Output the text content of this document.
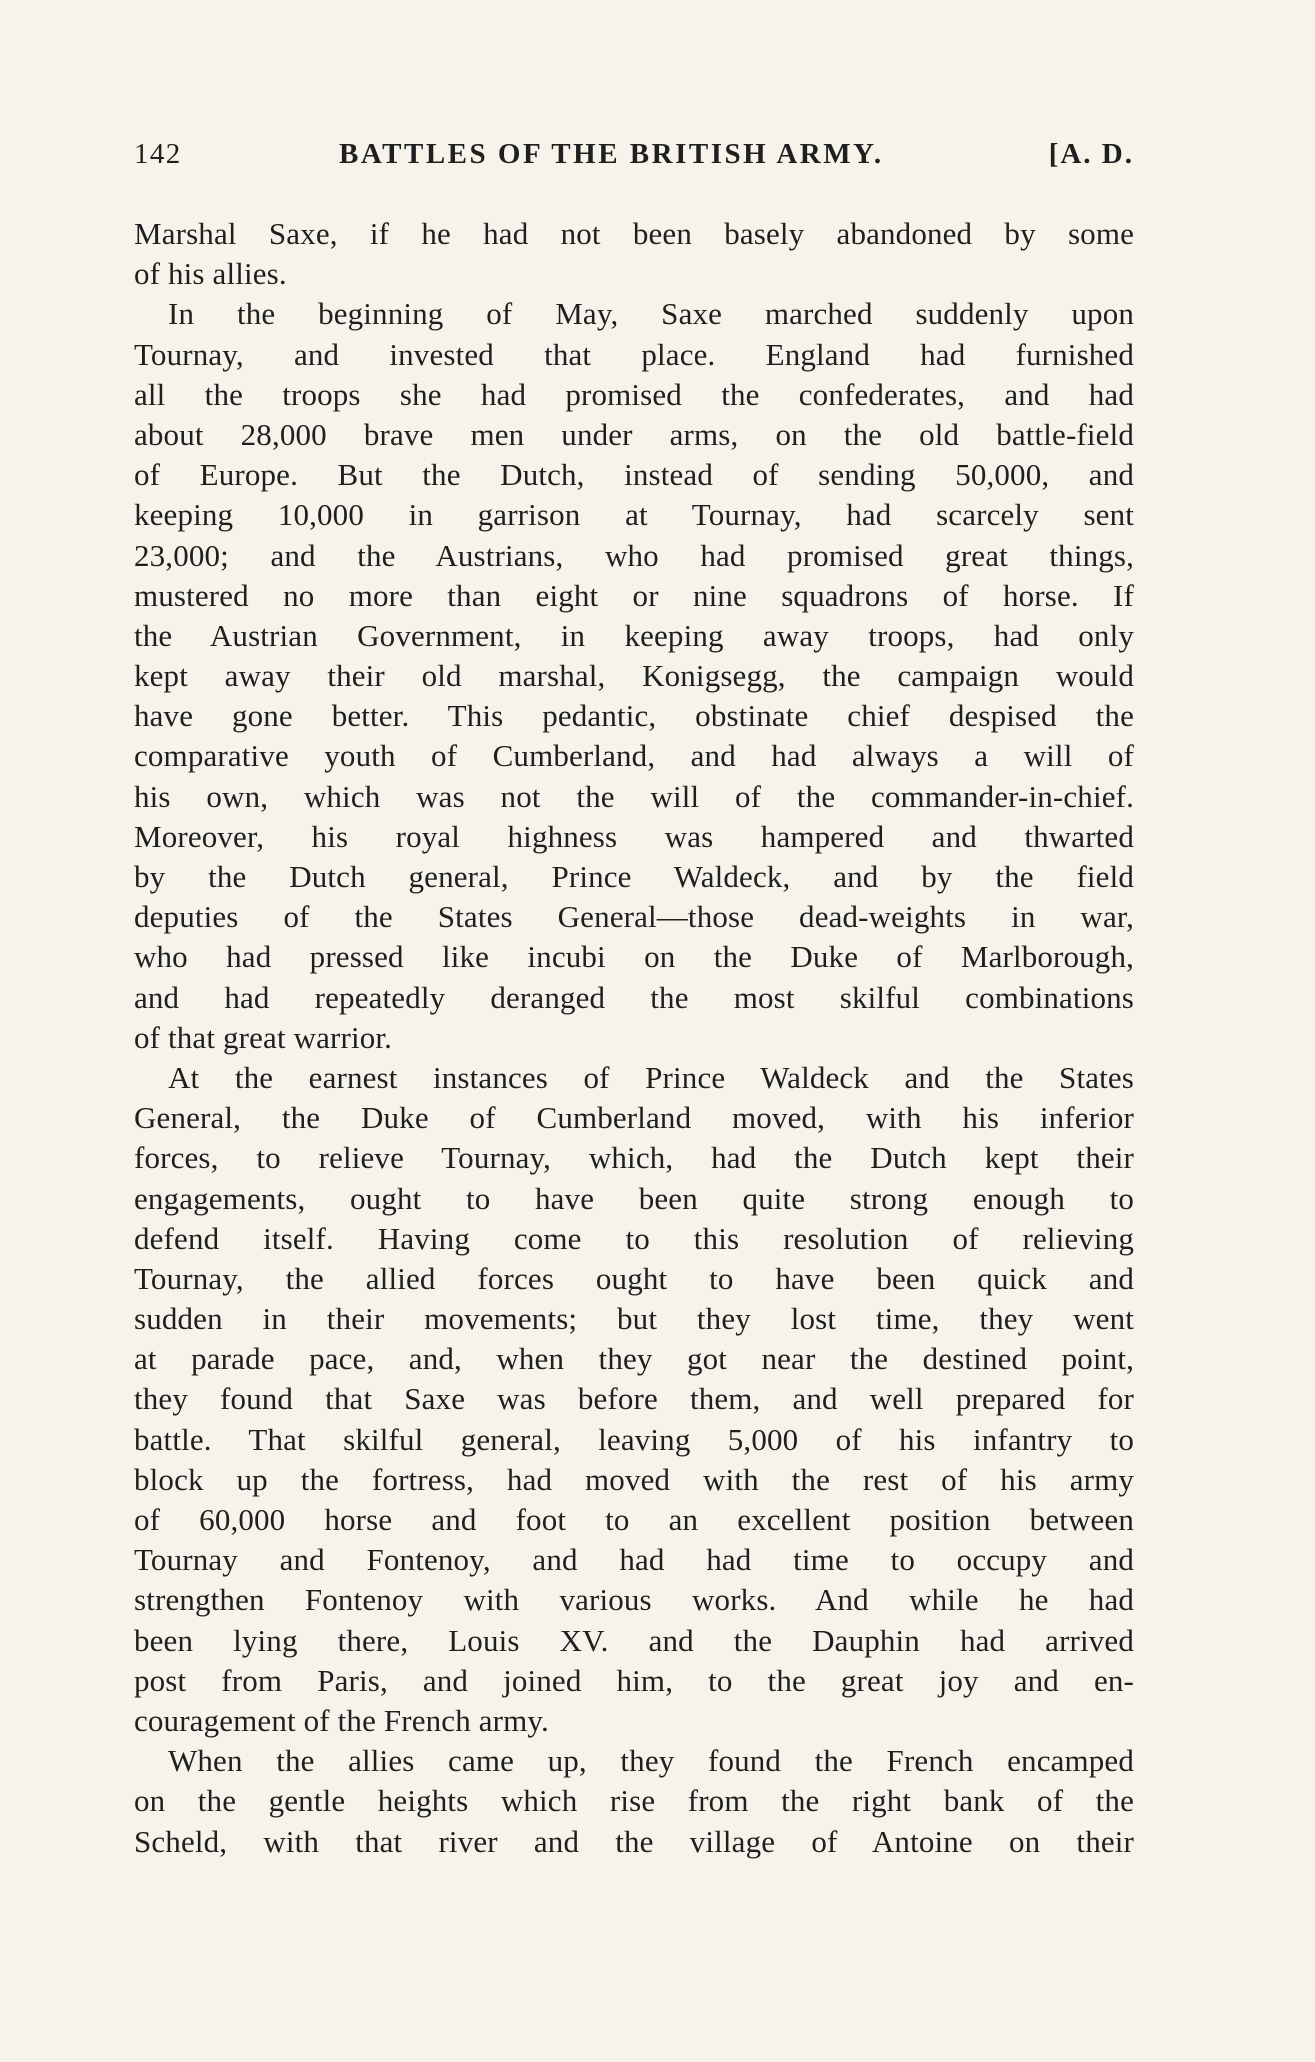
142	BATTLES OF THE BRITISH ARMY.	[A. D.
Marshal Saxe, if he had not been basely abandoned by some
of his allies.
In the beginning of May, Saxe marched suddenly upon
Tournay, and invested that place. England had furnished
all the troops she had promised the confederates, and had
about 28,000 brave men under arms, on the old battle-field
of Europe. But the Dutch, instead of sending 50,000, and
keeping 10,000 in garrison at Tournay, had scarcely sent
23,000; and the Austrians, who had promised great things,
mustered no more than eight or nine squadrons of horse. If
the Austrian Government, in keeping away troops, had only
kept away their old marshal, Konigsegg, the campaign would
have gone better. This pedantic, obstinate chief despised the
comparative youth of Cumberland, and had always a will of
his own, which was not the will of the commander-in-chief.
Moreover, his royal highness was hampered and thwarted
by the Dutch general, Prince Waldeck, and by the field
deputies of the States General—those dead-weights in war,
who had pressed like incubi on the Duke of Marlborough,
and had repeatedly deranged the most skilful combinations
of that great warrior.
At the earnest instances of Prince Waldeck and the States
General, the Duke of Cumberland moved, with his inferior
forces, to relieve Tournay, which, had the Dutch kept their
engagements, ought to have been quite strong enough to
defend itself. Having come to this resolution of relieving
Tournay, the allied forces ought to have been quick and
sudden in their movements; but they lost time, they went
at parade pace, and, when they got near the destined point,
they found that Saxe was before them, and well prepared for
battle. That skilful general, leaving 5,000 of his infantry to
block up the fortress, had moved with the rest of his army
of 60,000 horse and foot to an excellent position between
Tournay and Fontenoy, and had had time to occupy and
strengthen Fontenoy with various works. And while he had
been lying there, Louis XV. and the Dauphin had arrived
post from Paris, and joined him, to the great joy and en-
couragement of the French army.
When the allies came up, they found the French encamped
on the gentle heights which rise from the right bank of the
Scheld, with that river and the village of Antoine on their
